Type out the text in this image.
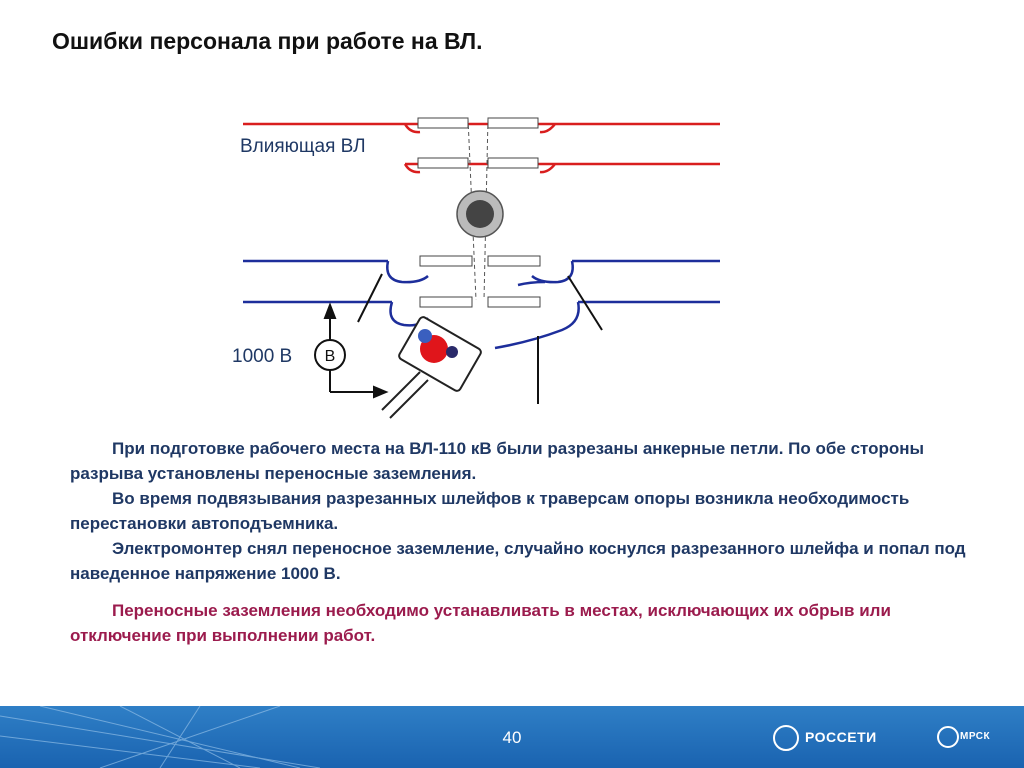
Ошибки персонала при работе на ВЛ.
Влияющая ВЛ
В
1000 В

При подготовке рабочего места на ВЛ-110 кВ были разрезаны анкерные петли. По обе стороны разрыва установлены переносные заземления.

Во время подвязывания разрезанных шлейфов к траверсам опоры возникла необходимость перестановки автоподъемника.

Электромонтер снял переносное заземление, случайно коснулся разрезанного шлейфа и попал под наведенное напряжение 1000 В.

Переносные заземления необходимо устанавливать в местах, исключающих их обрыв или отключение при выполнении работ.

40	РОССЕТИ	МРСК
